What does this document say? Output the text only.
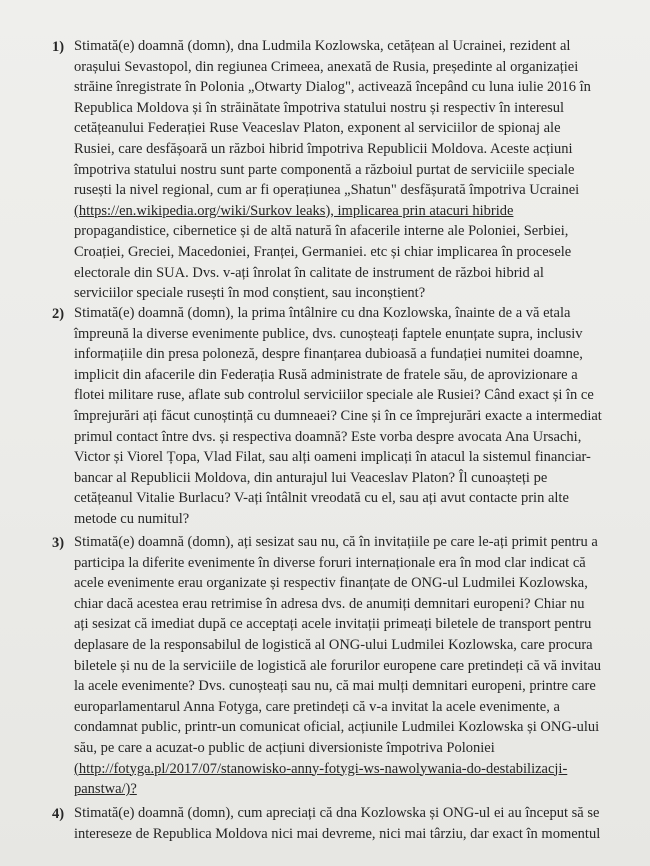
1) Stimată(e) doamnă (domn), dna Ludmila Kozlowska, cetățean al Ucrainei, rezident al
orașului Sevastopol, din regiunea Crimeea, anexată de Rusia, președinte al organizației
străine înregistrate în Polonia „Otwarty Dialog", activează începând cu luna iulie 2016 în
Republica Moldova și în străinătate împotriva statului nostru și respectiv în interesul
cetățeanului Federației Ruse Veaceslav Platon, exponent al serviciilor de spionaj ale
Rusiei, care desfășoară un război hibrid împotriva Republicii Moldova. Aceste acțiuni
împotriva statului nostru sunt parte componentă a războiul purtat de serviciile speciale
rusești la nivel regional, cum ar fi operațiunea „Shatun" desfășurată împotriva Ucrainei
(https://en.wikipedia.org/wiki/Surkov leaks), implicarea prin atacuri hibride
propagandistice, cibernetice și de altă natură în afacerile interne ale Poloniei, Serbiei,
Croației, Greciei, Macedoniei, Franței, Germaniei. etc și chiar implicarea în procesele
electorale din SUA. Dvs. v-ați înrolat în calitate de instrument de război hibrid al
serviciilor speciale rusești în mod conștient, sau inconștient?
2) Stimată(e) doamnă (domn), la prima întâlnire cu dna Kozlowska, înainte de a vă etala
împreună la diverse evenimente publice, dvs. cunoșteați faptele enunțate supra, inclusiv
informațiile din presa poloneză, despre finanțarea dubioasă a fundației numitei doamne,
implicit din afacerile din Federația Rusă administrate de fratele său, de aprovizionare a
flotei militare ruse, aflate sub controlul serviciilor speciale ale Rusiei? Când exact și în ce
împrejurări ați făcut cunoștință cu dumneaei? Cine și în ce împrejurări exacte a intermediat
primul contact între dvs. și respectiva doamnă? Este vorba despre avocata Ana Ursachi,
Victor și Viorel Țopa, Vlad Filat, sau alți oameni implicați în atacul la sistemul financiar-
bancar al Republicii Moldova, din anturajul lui Veaceslav Platon? Îl cunoașteți pe
cetățeanul Vitalie Burlacu? V-ați întâlnit vreodată cu el, sau ați avut contacte prin alte
metode cu numitul?
3) Stimată(e) doamnă (domn), ați sesizat sau nu, că în invitațiile pe care le-ați primit pentru a
participa la diferite evenimente în diverse foruri internaționale era în mod clar indicat că
acele evenimente erau organizate și respectiv finanțate de ONG-ul Ludmilei Kozlowska,
chiar dacă acestea erau retrimise în adresa dvs. de anumiți demnitari europeni? Chiar nu
ați sesizat că imediat după ce acceptați acele invitații primeați biletele de transport pentru
deplasare de la responsabilul de logistică al ONG-ului Ludmilei Kozlowska, care procura
biletele și nu de la serviciile de logistică ale forurilor europene care pretindeți că vă invitau
la acele evenimente? Dvs. cunoșteați sau nu, că mai mulți demnitari europeni, printre care
europarlamentarul Anna Fotyga, care pretindeți că v-a invitat la acele evenimente, a
condamnat public, printr-un comunicat oficial, acțiunile Ludmilei Kozlowska și ONG-ului
său, pe care a acuzat-o public de acțiuni diversioniste împotriva Poloniei
(http://fotyga.pl/2017/07/stanowisko-anny-fotygi-ws-nawolywania-do-destabilizacji-
panstwa/)?
4) Stimată(e) doamnă (domn), cum apreciați că dna Kozlowska și ONG-ul ei au început să se
intereseze de Republica Moldova nici mai devreme, nici mai târziu, dar exact în momentul
